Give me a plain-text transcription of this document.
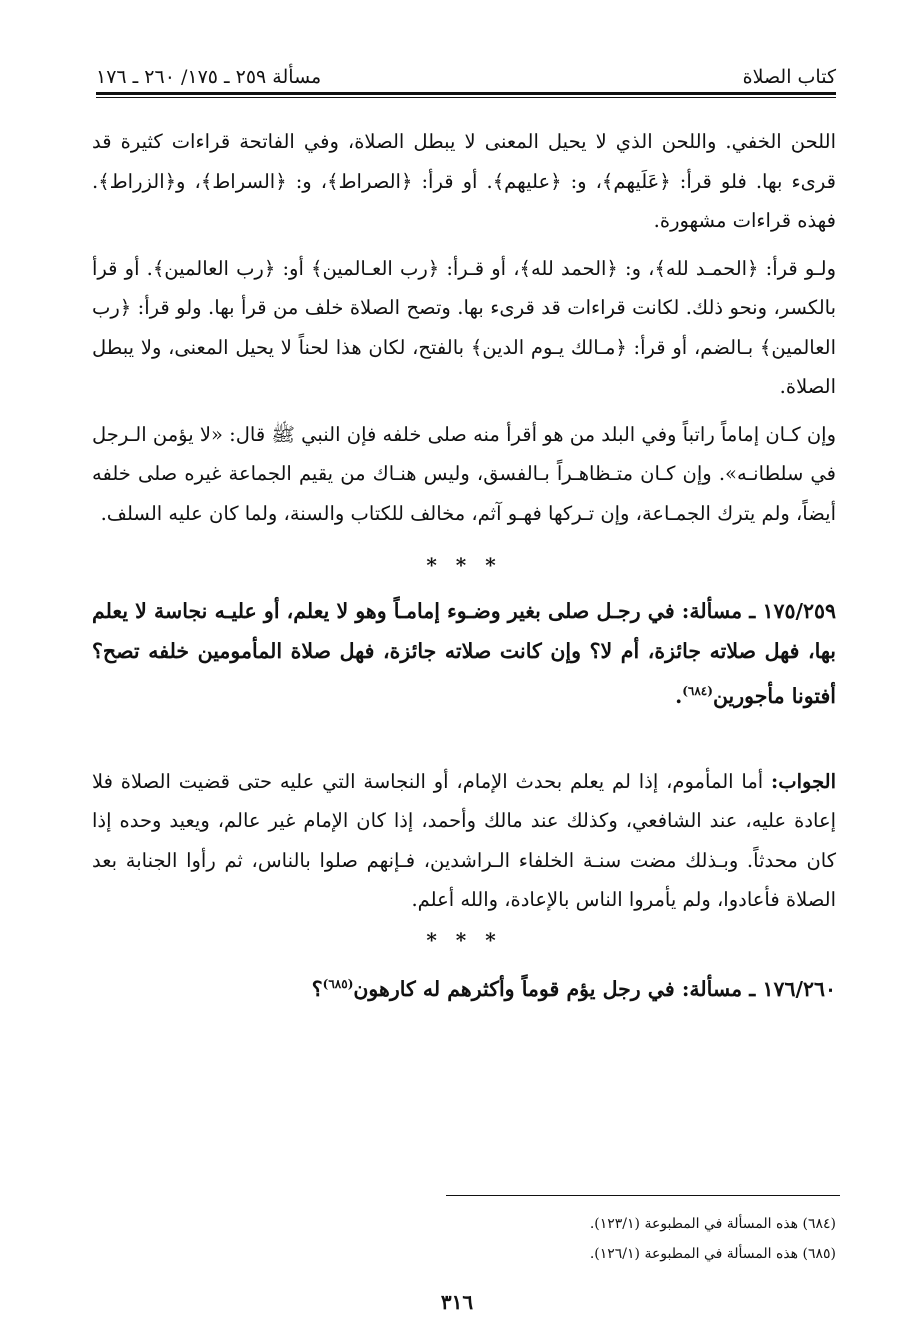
كتاب الصلاة
مسألة ٢٥٩ ـ ١٧٥/ ٢٦٠ ـ ١٧٦

اللحن الخفي. واللحن الذي لا يحيل المعنى لا يبطل الصلاة، وفي الفاتحة قراءات كثيرة قد قرىء بها. فلو قرأ: ﴿عَلَيهم﴾، و: ﴿عليهم﴾. أو قرأ: ﴿الصراط﴾، و: ﴿السراط﴾، و﴿الزراط﴾. فهذه قراءات مشهورة.

ولـو قرأ: ﴿الحمـد لله﴾، و: ﴿الحمد لله﴾، أو قـرأ: ﴿رب العـالمين﴾ أو: ﴿رب العالمين﴾. أو قرأ بالكسر، ونحو ذلك. لكانت قراءات قد قرىء بها. وتصح الصلاة خلف من قرأ بها. ولو قرأ: ﴿رب العالمين﴾ بـالضم، أو قرأ: ﴿مـالك يـوم الدين﴾ بالفتح، لكان هذا لحناً لا يحيل المعنى، ولا يبطل الصلاة.

وإن كـان إماماً راتباً وفي البلد من هو أقرأ منه صلى خلفه فإن النبي ﷺ قال: «لا يؤمن الـرجل في سلطانـه». وإن كـان متـظاهـراً بـالفسق، وليس هنـاك من يقيم الجماعة غيره صلى خلفه أيضاً، ولم يترك الجمـاعة، وإن تـركها فهـو آثم، مخالف للكتاب والسنة، ولما كان عليه السلف.

* * *

١٧٥/٢٥٩ ـ مسألة: في رجـل صلى بغير وضـوء إمامـاً وهو لا يعلم، أو عليـه نجاسة لا يعلم بها، فهل صلاته جائزة، أم لا؟ وإن كانت صلاته جائزة، فهل صلاة المأمومين خلفه تصح؟ أفتونا مأجورين$^{(٦٨٤)}$.

الجواب: أما المأموم، إذا لم يعلم بحدث الإمام، أو النجاسة التي عليه حتى قضيت الصلاة فلا إعادة عليه، عند الشافعي، وكذلك عند مالك وأحمد، إذا كان الإمام غير عالم، ويعيد وحده إذا كان محدثاً. وبـذلك مضت سنـة الخلفاء الـراشدين، فـإنهم صلوا بالناس، ثم رأوا الجنابة بعد الصلاة فأعادوا، ولم يأمروا الناس بالإعادة، والله أعلم.

* * *

١٧٦/٢٦٠ ـ مسألة: في رجل يؤم قوماً وأكثرهم له كارهون$^{(٦٨٥)}$؟

(٦٨٤) هذه المسألة في المطبوعة (١٢٣/١).
(٦٨٥) هذه المسألة في المطبوعة (١٢٦/١).
٣١٦
